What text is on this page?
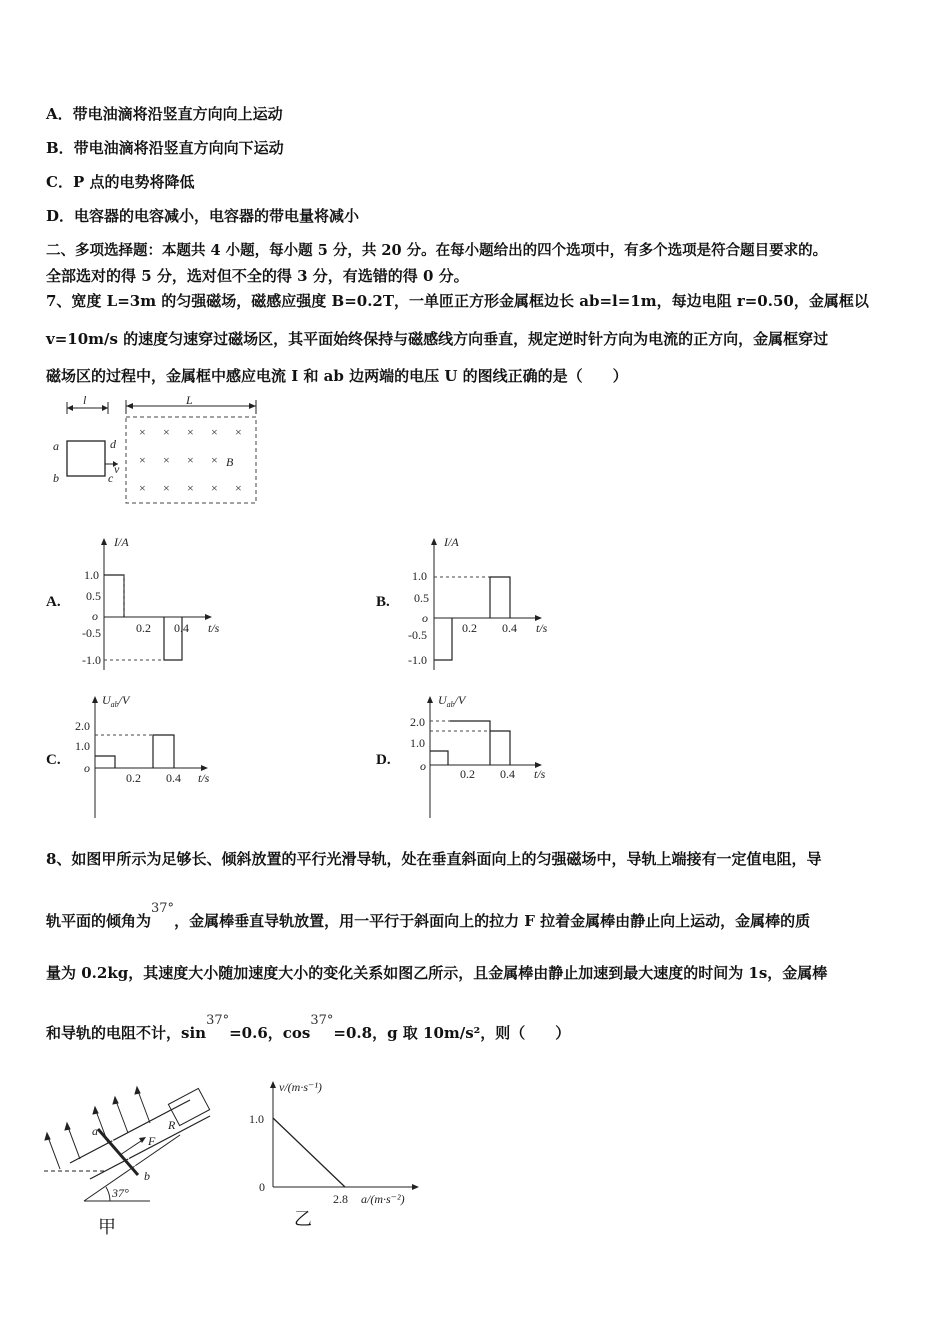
A．带电油滴将沿竖直方向向上运动
B．带电油滴将沿竖直方向向下运动
C．P 点的电势将降低
D．电容器的电容减小，电容器的带电量将减小
二、多项选择题：本题共 4 小题，每小题 5 分，共 20 分。在每小题给出的四个选项中，有多个选项是符合题目要求的。
全部选对的得 5 分，选对但不全的得 3 分，有选错的得 0 分。
7、宽度 L=3m 的匀强磁场，磁感应强度 B=0.2T，一单匝正方形金属框边长 ab=l=1m，每边电阻 r=0.50，金属框以
v=10m/s 的速度匀速穿过磁场区，其平面始终保持与磁感线方向垂直，规定逆时针方向为电流的正方向，金属框穿过
磁场区的过程中，金属框中感应电流 I 和 ab 边两端的电压 U 的图线正确的是（　　）
l
a
b
d
c
v
L
× × × × ×
× × × ×
× × × × ×
B
A.	B.
C.	D.
I/A
t/s
1.0
0.5
o
-0.5
-1.0
0.2 0.4
I/A
t/s
1.0
0.5
o
-0.5
-1.0
0.2 0.4
$U_{ab}/V$
t/s
2.0
1.0
o
0.2 0.4
$U_{ab}/V$
t/s
2.0
1.0
o
0.2 0.4
8、如图甲所示为足够长、倾斜放置的平行光滑导轨，处在垂直斜面向上的匀强磁场中，导轨上端接有一定值电阻，导
轨平面的倾角为37°，金属棒垂直导轨放置，用一平行于斜面向上的拉力 F 拉着金属棒由静止向上运动，金属棒的质
量为 0.2kg，其速度大小随加速度大小的变化关系如图乙所示，且金属棒由静止加速到最大速度的时间为 1s，金属棒
和导轨的电阻不计，sin37°=0.6，cos37°=0.8，g 取 10m/s²，则（　　）
37°
R
a
b
F
甲
v/(m·s⁻¹)
1.0
0
2.8 a/(m·s⁻²)
乙
